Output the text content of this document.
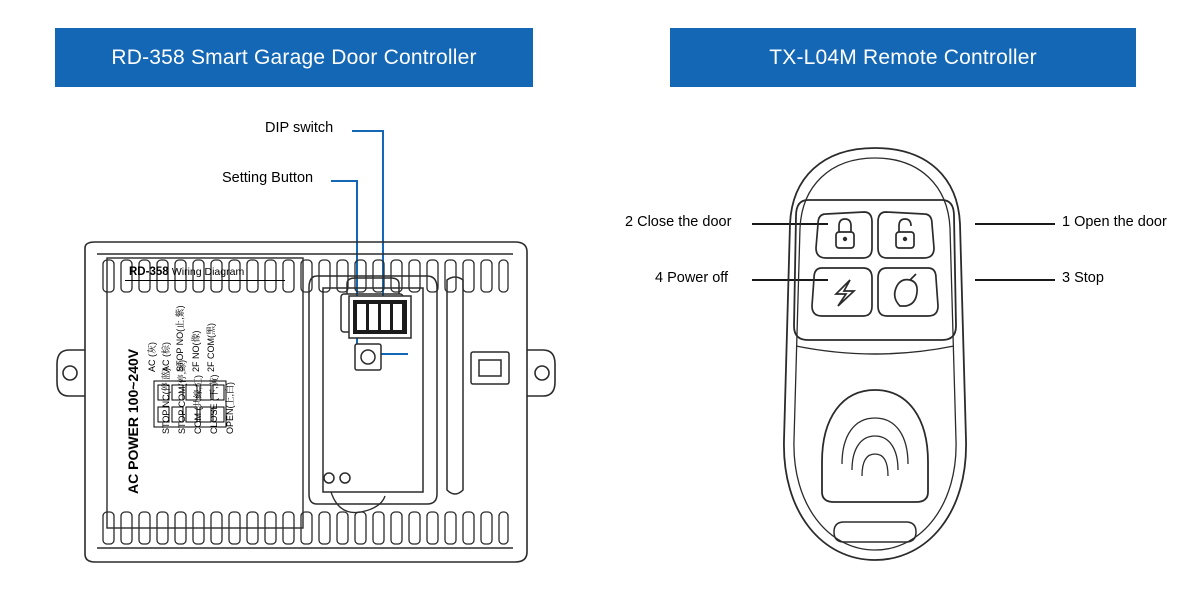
RD-358 Smart Garage Door Controller
DIP switch
Setting Button
RD-358 Wiring Diagram
AC POWER 100~240V AC (灰) AC (棕) STOP NO(止,紫) 2F NO(像) 2F COM(黑)
STOP NC(停,蓝) STOP COM(停,綠) COM (共線,紅) CLOSE (下,黃) OPEN(上,白)
TX-L04M Remote Controller
2 Close the door
4 Power off
1 Open the door
3 Stop
